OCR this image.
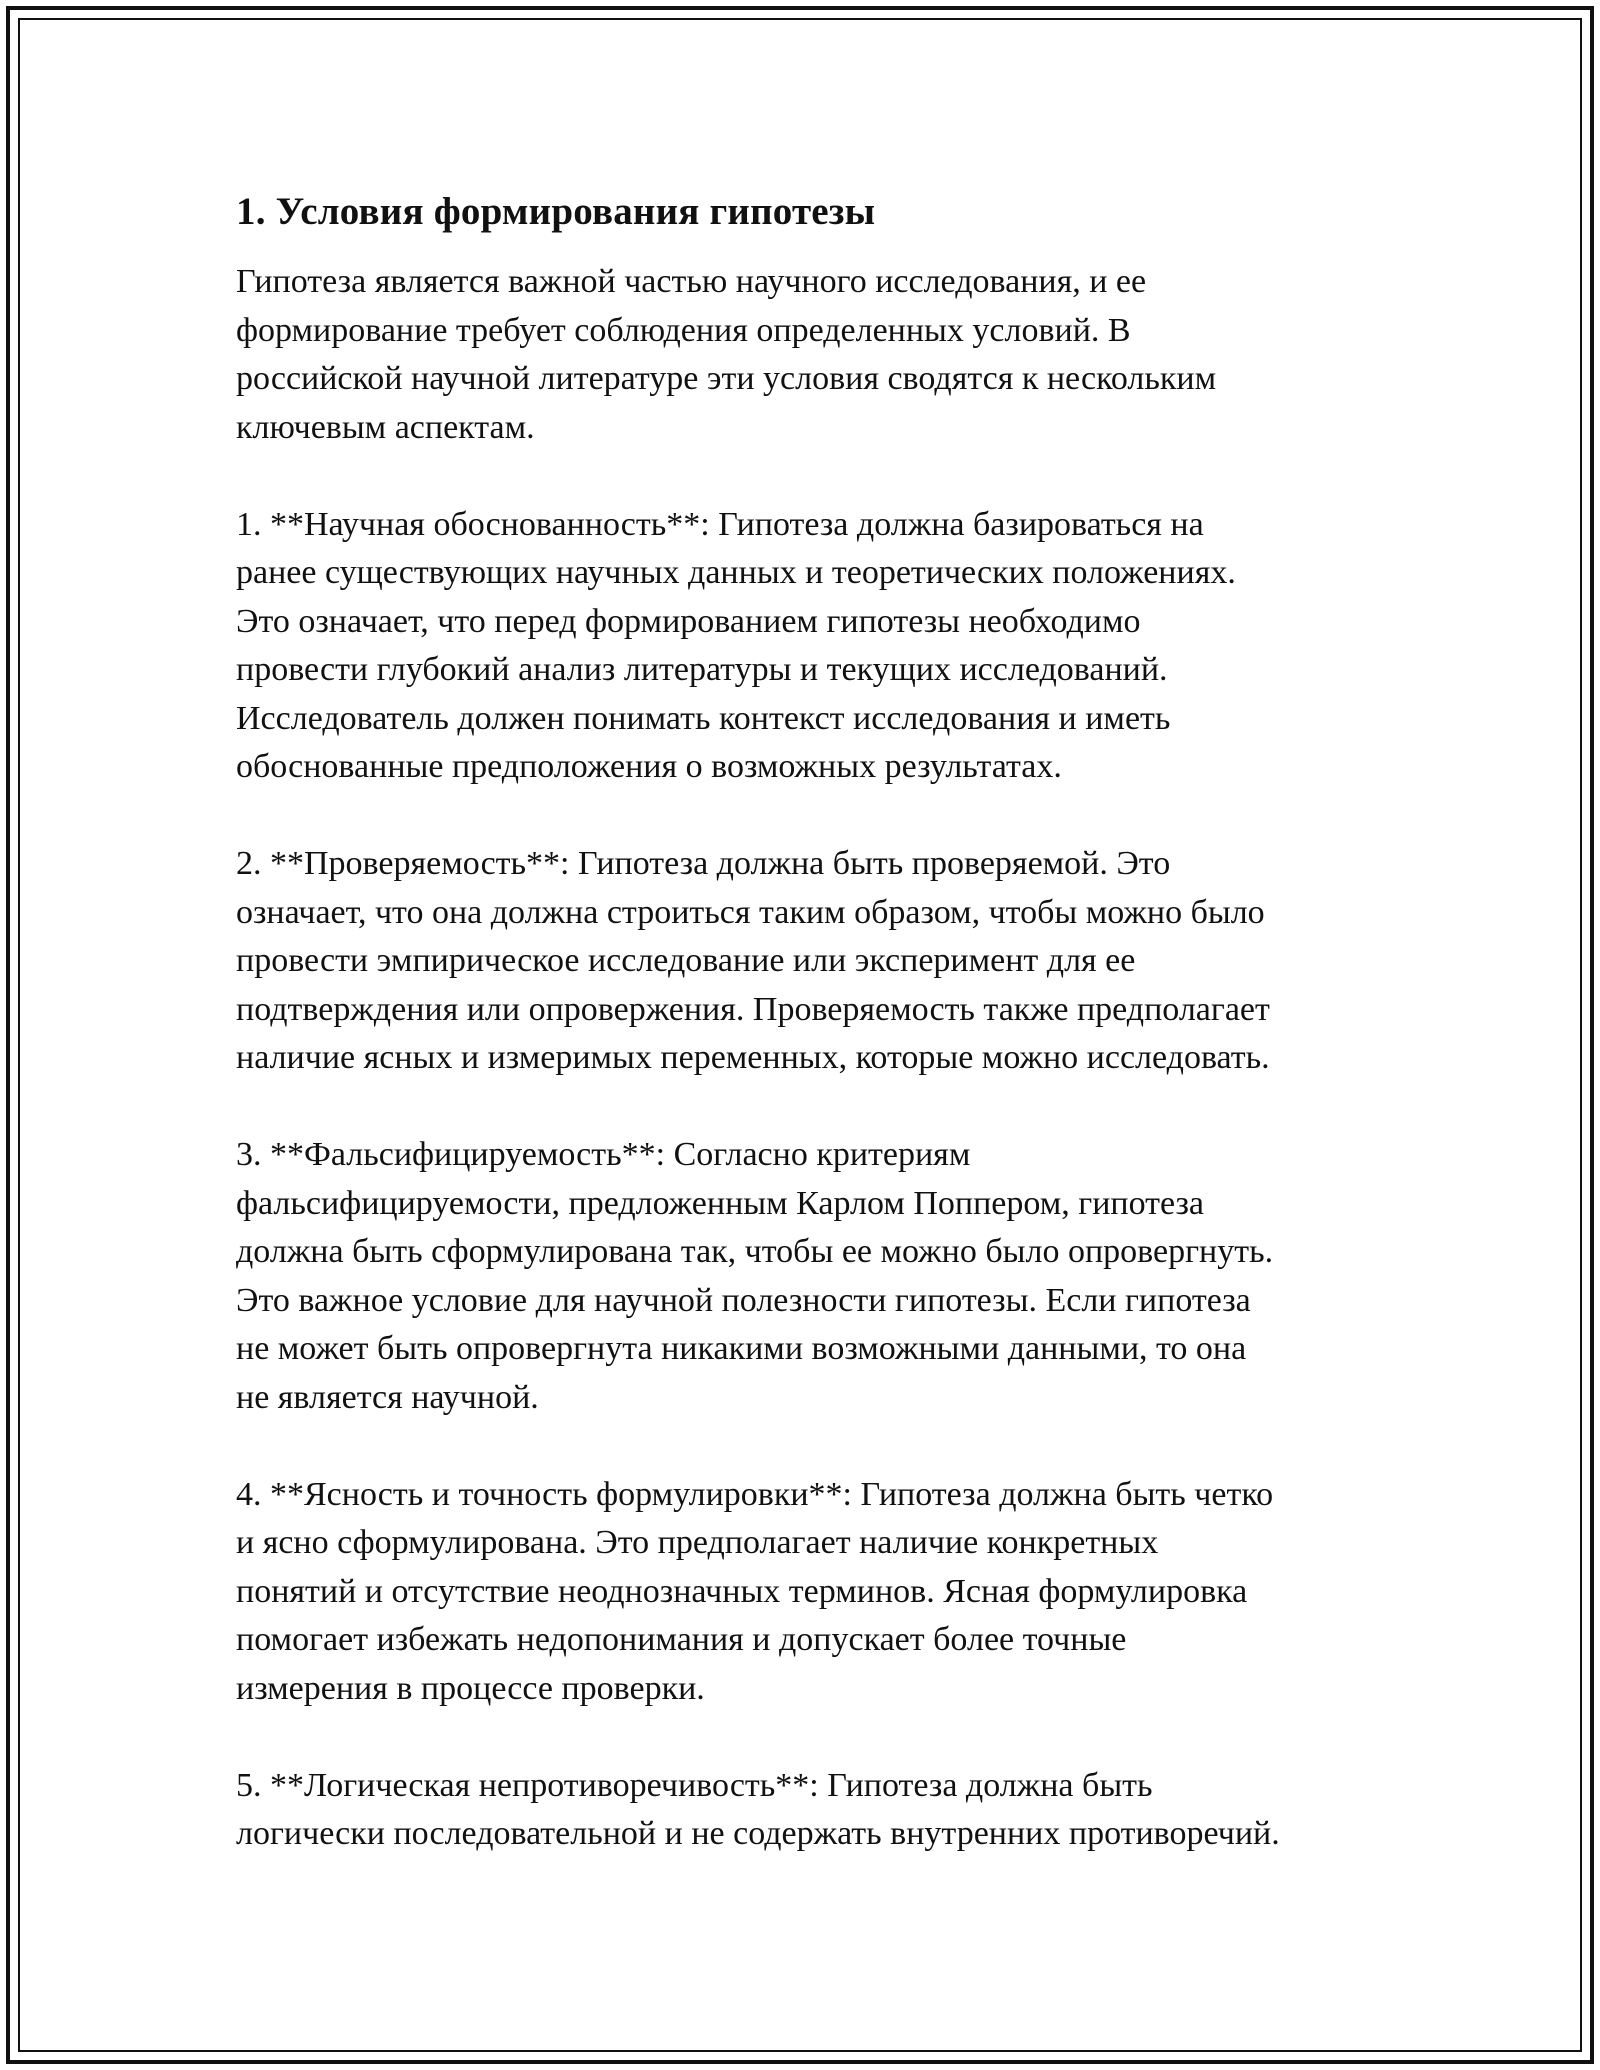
1. Условия формирования гипотезы

Гипотеза является важной частью научного исследования, и ее
формирование требует соблюдения определенных условий. В
российской научной литературе эти условия сводятся к нескольким
ключевым аспектам.

1. **Научная обоснованность**: Гипотеза должна базироваться на
ранее существующих научных данных и теоретических положениях.
Это означает, что перед формированием гипотезы необходимо
провести глубокий анализ литературы и текущих исследований.
Исследователь должен понимать контекст исследования и иметь
обоснованные предположения о возможных результатах.

2. **Проверяемость**: Гипотеза должна быть проверяемой. Это
означает, что она должна строиться таким образом, чтобы можно было
провести эмпирическое исследование или эксперимент для ее
подтверждения или опровержения. Проверяемость также предполагает
наличие ясных и измеримых переменных, которые можно исследовать.

3. **Фальсифицируемость**: Согласно критериям
фальсифицируемости, предложенным Карлом Поппером, гипотеза
должна быть сформулирована так, чтобы ее можно было опровергнуть.
Это важное условие для научной полезности гипотезы. Если гипотеза
не может быть опровергнута никакими возможными данными, то она
не является научной.

4. **Ясность и точность формулировки**: Гипотеза должна быть четко
и ясно сформулирована. Это предполагает наличие конкретных
понятий и отсутствие неоднозначных терминов. Ясная формулировка
помогает избежать недопонимания и допускает более точные
измерения в процессе проверки.

5. **Логическая непротиворечивость**: Гипотеза должна быть
логически последовательной и не содержать внутренних противоречий.
